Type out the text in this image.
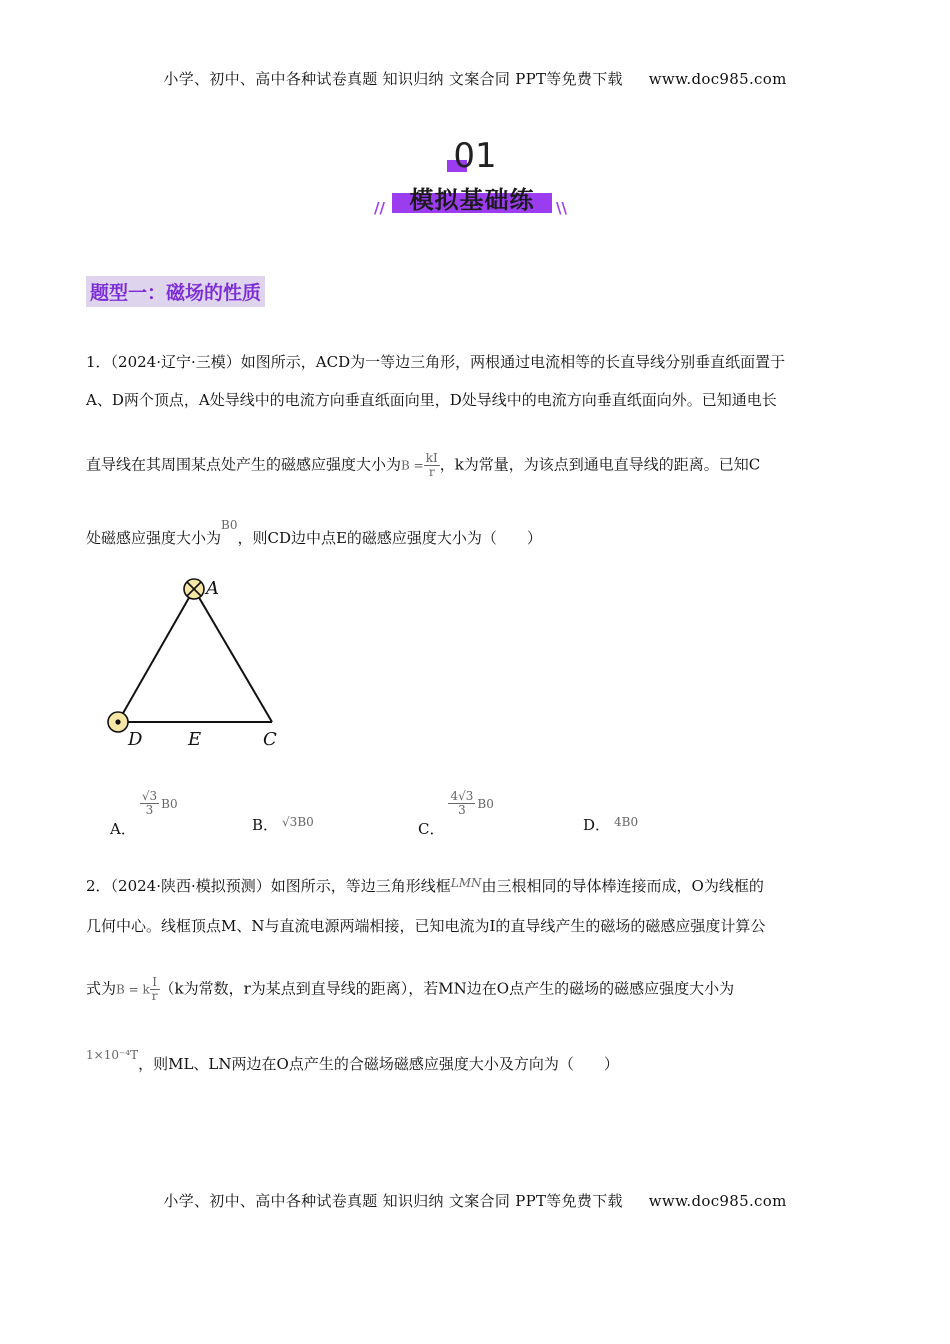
小学、初中、高中各种试卷真题 知识归纳 文案合同 PPT等免费下载 www.doc985.com
01
模拟基础练
//	\\
题型一：磁场的性质
1．（2024·辽宁·三模）如图所示，ACD为一等边三角形，两根通过电流相等的长直导线分别垂直纸面置于
A、D两个顶点，A处导线中的电流方向垂直纸面向里，D处导线中的电流方向垂直纸面向外。已知通电长
直导线在其周围某点处产生的磁感应强度大小为$B = \frac{kI}{r}$ ，k为常量，为该点到通电直导线的距离。已知C
处磁感应强度大小为$^{B0}$，则CD边中点E的磁感应强度大小为（　　）
A
D	E	C
A．
$\frac{√3}{3} B0$
B． $^{√3B0}$	C．
$\frac{4√3}{3} B0$
D． $^{4B0}$
2．（2024·陕西·模拟预测）如图所示，等边三角形线框$^{LMN}$由三根相同的导体棒连接而成，O为线框的
几何中心。线框顶点M、N与直流电源两端相接，已知电流为I的直导线产生的磁场的磁感应强度计算公
式为B = k $\frac{I}{r} (k$为常数，r为某点到直导线的距离），若MN边在O点产生的磁场的磁感应强度大小为
$^{1\times 10^{-4}T}$，则ML、LN两边在O点产生的合磁场磁感应强度大小及方向为（　　）
小学、初中、高中各种试卷真题 知识归纳 文案合同 PPT等免费下载 www.doc985.com
